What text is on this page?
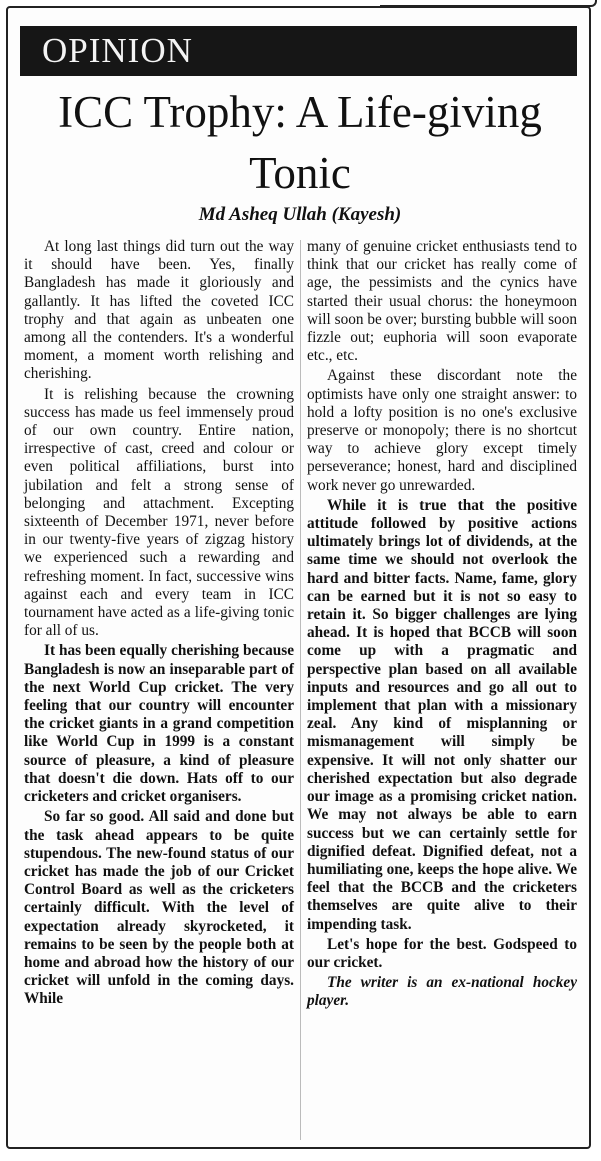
OPINION
ICC Trophy: A Life-giving Tonic
Md Asheq Ullah (Kayesh)

At long last things did turn out the way it should have been. Yes, finally Bangladesh has made it gloriously and gallantly. It has lifted the coveted ICC trophy and that again as unbeaten one among all the contenders. It's a wonderful moment, a moment worth relishing and cherishing.

It is relishing because the crowning success has made us feel immensely proud of our own country. Entire nation, irrespective of cast, creed and colour or even political affiliations, burst into jubilation and felt a strong sense of belonging and attachment. Excepting sixteenth of December 1971, never before in our twenty-five years of zigzag history we experienced such a rewarding and refreshing moment. In fact, successive wins against each and every team in ICC tournament have acted as a life-giving tonic for all of us.

It has been equally cherishing because Bangladesh is now an inseparable part of the next World Cup cricket. The very feeling that our country will encounter the cricket giants in a grand competition like World Cup in 1999 is a constant source of pleasure, a kind of pleasure that doesn't die down. Hats off to our cricketers and cricket organisers.

So far so good. All said and done but the task ahead appears to be quite stupendous. The new-found status of our cricket has made the job of our Cricket Control Board as well as the cricketers certainly difficult. With the level of expectation already skyrocketed, it remains to be seen by the people both at home and abroad how the history of our cricket will unfold in the coming days. While

many of genuine cricket enthusiasts tend to think that our cricket has really come of age, the pessimists and the cynics have started their usual chorus: the honeymoon will soon be over; bursting bubble will soon fizzle out; euphoria will soon evaporate etc., etc.

Against these discordant note the optimists have only one straight answer: to hold a lofty position is no one's exclusive preserve or monopoly; there is no shortcut way to achieve glory except timely perseverance; honest, hard and disciplined work never go unrewarded.

While it is true that the positive attitude followed by positive actions ultimately brings lot of dividends, at the same time we should not overlook the hard and bitter facts. Name, fame, glory can be earned but it is not so easy to retain it. So bigger challenges are lying ahead. It is hoped that BCCB will soon come up with a pragmatic and perspective plan based on all available inputs and resources and go all out to implement that plan with a missionary zeal. Any kind of misplanning or mismanagement will simply be expensive. It will not only shatter our cherished expectation but also degrade our image as a promising cricket nation. We may not always be able to earn success but we can certainly settle for dignified defeat. Dignified defeat, not a humiliating one, keeps the hope alive. We feel that the BCCB and the cricketers themselves are quite alive to their impending task.

Let's hope for the best. Godspeed to our cricket.

The writer is an ex-national hockey player.
